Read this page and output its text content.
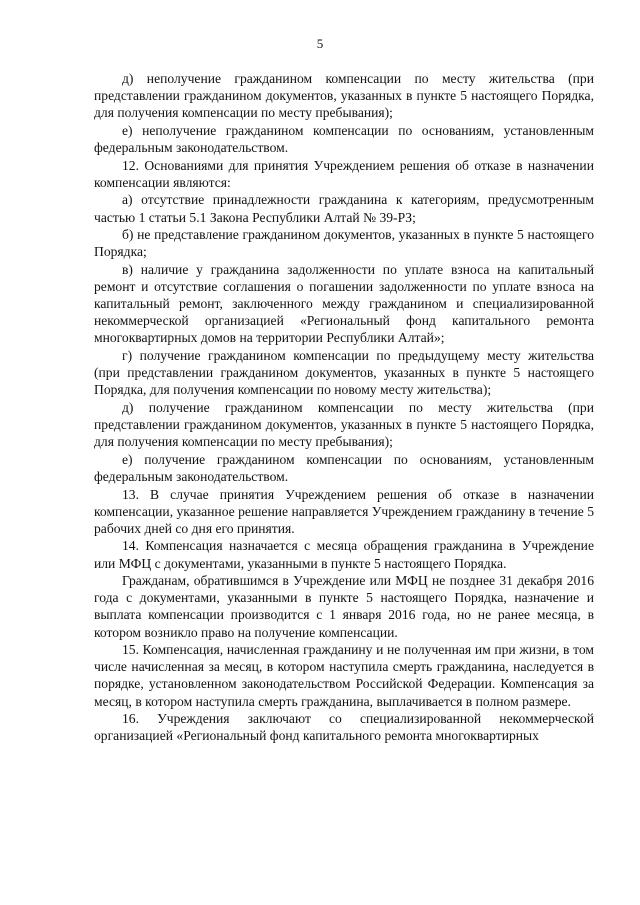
5

д) неполучение гражданином компенсации по месту жительства (при представлении гражданином документов, указанных в пункте 5 настоящего Порядка, для получения компенсации по месту пребывания);

е) неполучение гражданином компенсации по основаниям, установленным федеральным законодательством.

12. Основаниями для принятия Учреждением решения об отказе в назначении компенсации являются:

а) отсутствие принадлежности гражданина к категориям, предусмотренным частью 1 статьи 5.1 Закона Республики Алтай № 39-РЗ;

б) не представление гражданином документов, указанных в пункте 5 настоящего Порядка;

в) наличие у гражданина задолженности по уплате взноса на капитальный ремонт и отсутствие соглашения о погашении задолженности по уплате взноса на капитальный ремонт, заключенного между гражданином и специализированной некоммерческой организацией «Региональный фонд капитального ремонта многоквартирных домов на территории Республики Алтай»;

г) получение гражданином компенсации по предыдущему месту жительства (при представлении гражданином документов, указанных в пункте 5 настоящего Порядка, для получения компенсации по новому месту жительства);

д) получение гражданином компенсации по месту жительства (при представлении гражданином документов, указанных в пункте 5 настоящего Порядка, для получения компенсации по месту пребывания);

е) получение гражданином компенсации по основаниям, установленным федеральным законодательством.

13. В случае принятия Учреждением решения об отказе в назначении компенсации, указанное решение направляется Учреждением гражданину в течение 5 рабочих дней со дня его принятия.

14. Компенсация назначается с месяца обращения гражданина в Учреждение или МФЦ с документами, указанными в пункте 5 настоящего Порядка.

Гражданам, обратившимся в Учреждение или МФЦ не позднее 31 декабря 2016 года с документами, указанными в пункте 5 настоящего Порядка, назначение и выплата компенсации производится с 1 января 2016 года, но не ранее месяца, в котором возникло право на получение компенсации.

15. Компенсация, начисленная гражданину и не полученная им при жизни, в том числе начисленная за месяц, в котором наступила смерть гражданина, наследуется в порядке, установленном законодательством Российской Федерации. Компенсация за месяц, в котором наступила смерть гражданина, выплачивается в полном размере.

16. Учреждения заключают со специализированной некоммерческой организацией «Региональный фонд капитального ремонта многоквартирных
